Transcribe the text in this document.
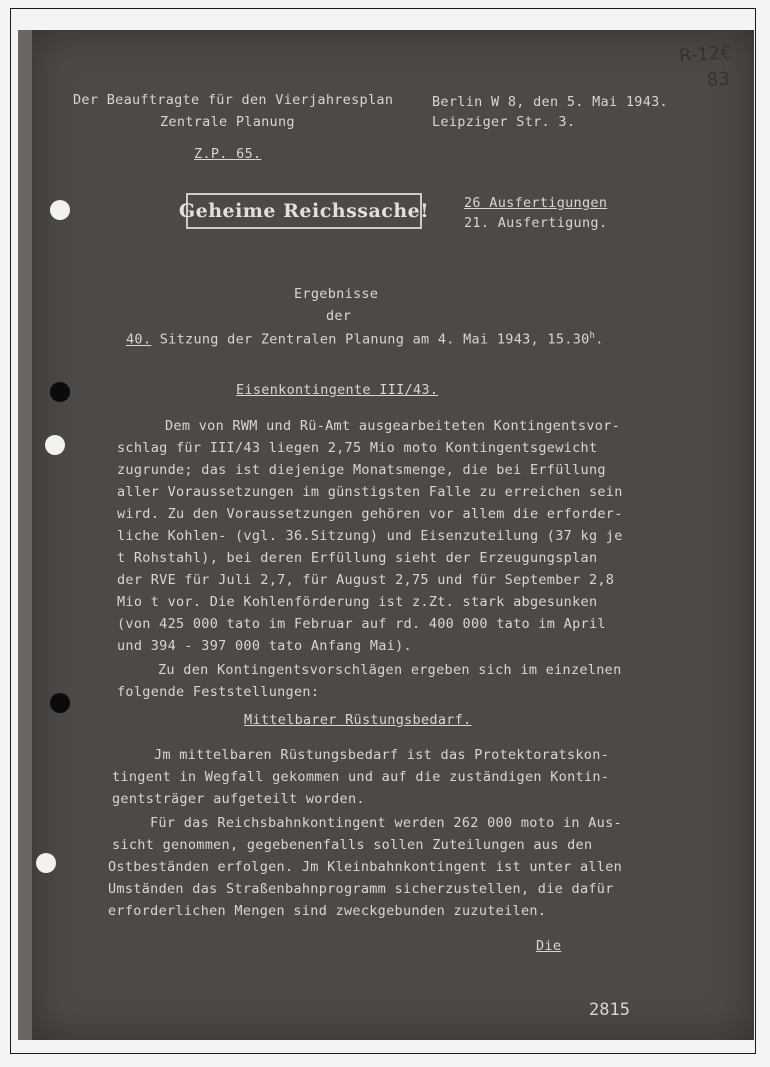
R-12€
83
Der Beauftragte für den Vierjahresplan
Zentrale Planung
Berlin W 8, den 5. Mai 1943.
Leipziger Str. 3.
Z.P. 65.
Geheime Reichssache!	26 Ausfertigungen
21. Ausfertigung.
Ergebnisse
der
40. Sitzung der Zentralen Planung am 4. Mai 1943, 15.30$^h$.
Eisenkontingente III/43.
Dem von RWM und Rü-Amt ausgearbeiteten Kontingentsvor-
schlag für III/43 liegen 2,75 Mio moto Kontingentsgewicht
zugrunde; das ist diejenige Monatsmenge, die bei Erfüllung
aller Voraussetzungen im günstigsten Falle zu erreichen sein
wird. Zu den Voraussetzungen gehören vor allem die erforder-
liche Kohlen- (vgl. 36.Sitzung) und Eisenzuteilung (37 kg je
t Rohstahl), bei deren Erfüllung sieht der Erzeugungsplan
der RVE für Juli 2,7, für August 2,75 und für September 2,8
Mio t vor. Die Kohlenförderung ist z.Zt. stark abgesunken
(von 425 000 tato im Februar auf rd. 400 000 tato im April
und 394 - 397 000 tato Anfang Mai).
Zu den Kontingentsvorschlägen ergeben sich im einzelnen
folgende Feststellungen:
Mittelbarer Rüstungsbedarf.
Jm mittelbaren Rüstungsbedarf ist das Protektoratskon-
tingent in Wegfall gekommen und auf die zuständigen Kontin-
gentsträger aufgeteilt worden.
Für das Reichsbahnkontingent werden 262 000 moto in Aus-
sicht genommen, gegebenenfalls sollen Zuteilungen aus den
Ostbeständen erfolgen. Jm Kleinbahnkontingent ist unter allen
Umständen das Straßenbahnprogramm sicherzustellen, die dafür
erforderlichen Mengen sind zweckgebunden zuzuteilen.
Die
2815
